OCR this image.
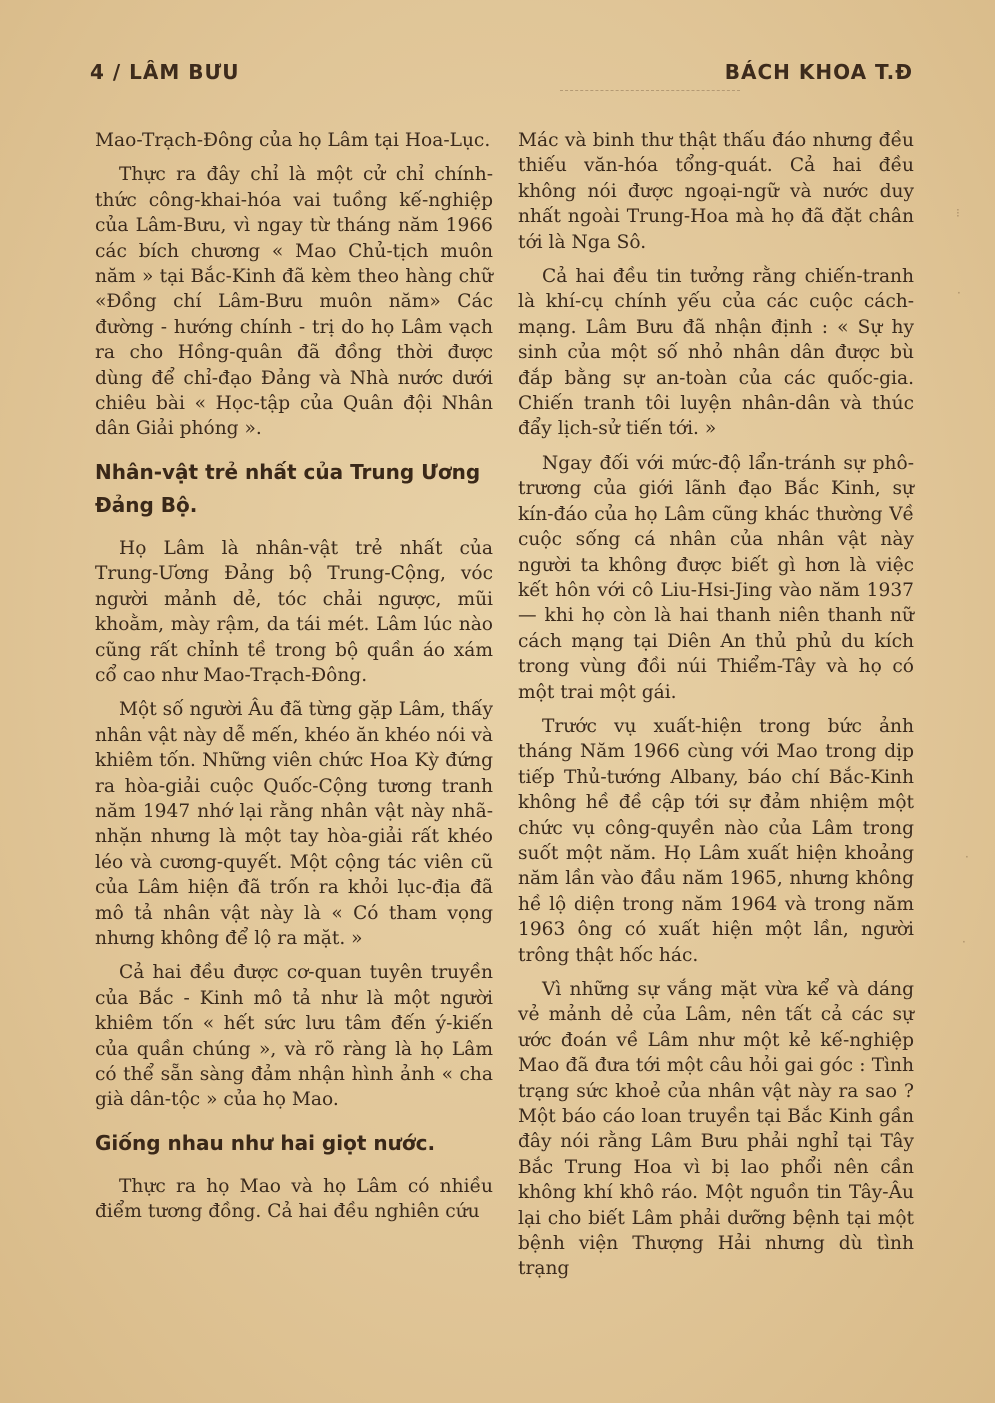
4 / LÂM BƯU	BÁCH KHOA T.Đ

Mao-Trạch-Đông của họ Lâm tại Hoa-Lục.

Thực ra đây chỉ là một cử chỉ chính-thức công-khai-hóa vai tuồng kế-nghiệp của Lâm-Bưu, vì ngay từ tháng năm 1966 các bích chương « Mao Chủ-tịch muôn năm » tại Bắc-Kinh đã kèm theo hàng chữ «Đồng chí Lâm-Bưu muôn năm» Các đường - hướng chính - trị do họ Lâm vạch ra cho Hồng-quân đã đồng thời được dùng để chỉ-đạo Đảng và Nhà nước dưới chiêu bài « Học-tập của Quân đội Nhân dân Giải phóng ».

Nhân-vật trẻ nhất của Trung Ương Đảng Bộ.

Họ Lâm là nhân-vật trẻ nhất của Trung-Ương Đảng bộ Trung-Cộng, vóc người mảnh dẻ, tóc chải ngược, mũi khoằm, mày rậm, da tái mét. Lâm lúc nào cũng rất chỉnh tề trong bộ quần áo xám cổ cao như Mao-Trạch-Đông.

Một số người Âu đã từng gặp Lâm, thấy nhân vật này dễ mến, khéo ăn khéo nói và khiêm tốn. Những viên chức Hoa Kỳ đứng ra hòa-giải cuộc Quốc-Cộng tương tranh năm 1947 nhớ lại rằng nhân vật này nhã-nhặn nhưng là một tay hòa-giải rất khéo léo và cương-quyết. Một cộng tác viên cũ của Lâm hiện đã trốn ra khỏi lục-địa đã mô tả nhân vật này là « Có tham vọng nhưng không để lộ ra mặt. »

Cả hai đều được cơ-quan tuyên truyền của Bắc - Kinh mô tả như là một người khiêm tốn « hết sức lưu tâm đến ý-kiến của quần chúng », và rõ ràng là họ Lâm có thể sẵn sàng đảm nhận hình ảnh « cha già dân-tộc » của họ Mao.

Giống nhau như hai giọt nước.

Thực ra họ Mao và họ Lâm có nhiều điểm tương đồng. Cả hai đều nghiên cứu

Mác và binh thư thật thấu đáo nhưng đều thiếu văn-hóa tổng-quát. Cả hai đều không nói được ngoại-ngữ và nước duy nhất ngoài Trung-Hoa mà họ đã đặt chân tới là Nga Sô.

Cả hai đều tin tưởng rằng chiến-tranh là khí-cụ chính yếu của các cuộc cách-mạng. Lâm Bưu đã nhận định : « Sự hy sinh của một số nhỏ nhân dân được bù đắp bằng sự an-toàn của các quốc-gia. Chiến tranh tôi luyện nhân-dân và thúc đẩy lịch-sử tiến tới. »

Ngay đối với mức-độ lẩn-tránh sự phô-trương của giới lãnh đạo Bắc Kinh, sự kín-đáo của họ Lâm cũng khác thường Về cuộc sống cá nhân của nhân vật này người ta không được biết gì hơn là việc kết hôn với cô Liu-Hsi-Jing vào năm 1937 — khi họ còn là hai thanh niên thanh nữ cách mạng tại Diên An thủ phủ du kích trong vùng đồi núi Thiểm-Tây và họ có một trai một gái.

Trước vụ xuất-hiện trong bức ảnh tháng Năm 1966 cùng với Mao trong dịp tiếp Thủ-tướng Albany, báo chí Bắc-Kinh không hề đề cập tới sự đảm nhiệm một chức vụ công-quyền nào của Lâm trong suốt một năm. Họ Lâm xuất hiện khoảng năm lần vào đầu năm 1965, nhưng không hề lộ diện trong năm 1964 và trong năm 1963 ông có xuất hiện một lần, người trông thật hốc hác.

Vì những sự vắng mặt vừa kể và dáng vẻ mảnh dẻ của Lâm, nên tất cả các sự ước đoán về Lâm như một kẻ kế-nghiệp Mao đã đưa tới một câu hỏi gai góc : Tình trạng sức khoẻ của nhân vật này ra sao ? Một báo cáo loan truyền tại Bắc Kinh gần đây nói rằng Lâm Bưu phải nghỉ tại Tây Bắc Trung Hoa vì bị lao phổi nên cần không khí khô ráo. Một nguồn tin Tây-Âu lại cho biết Lâm phải dưỡng bệnh tại một bệnh viện Thượng Hải nhưng dù tình trạng

⁝
·
·
·
